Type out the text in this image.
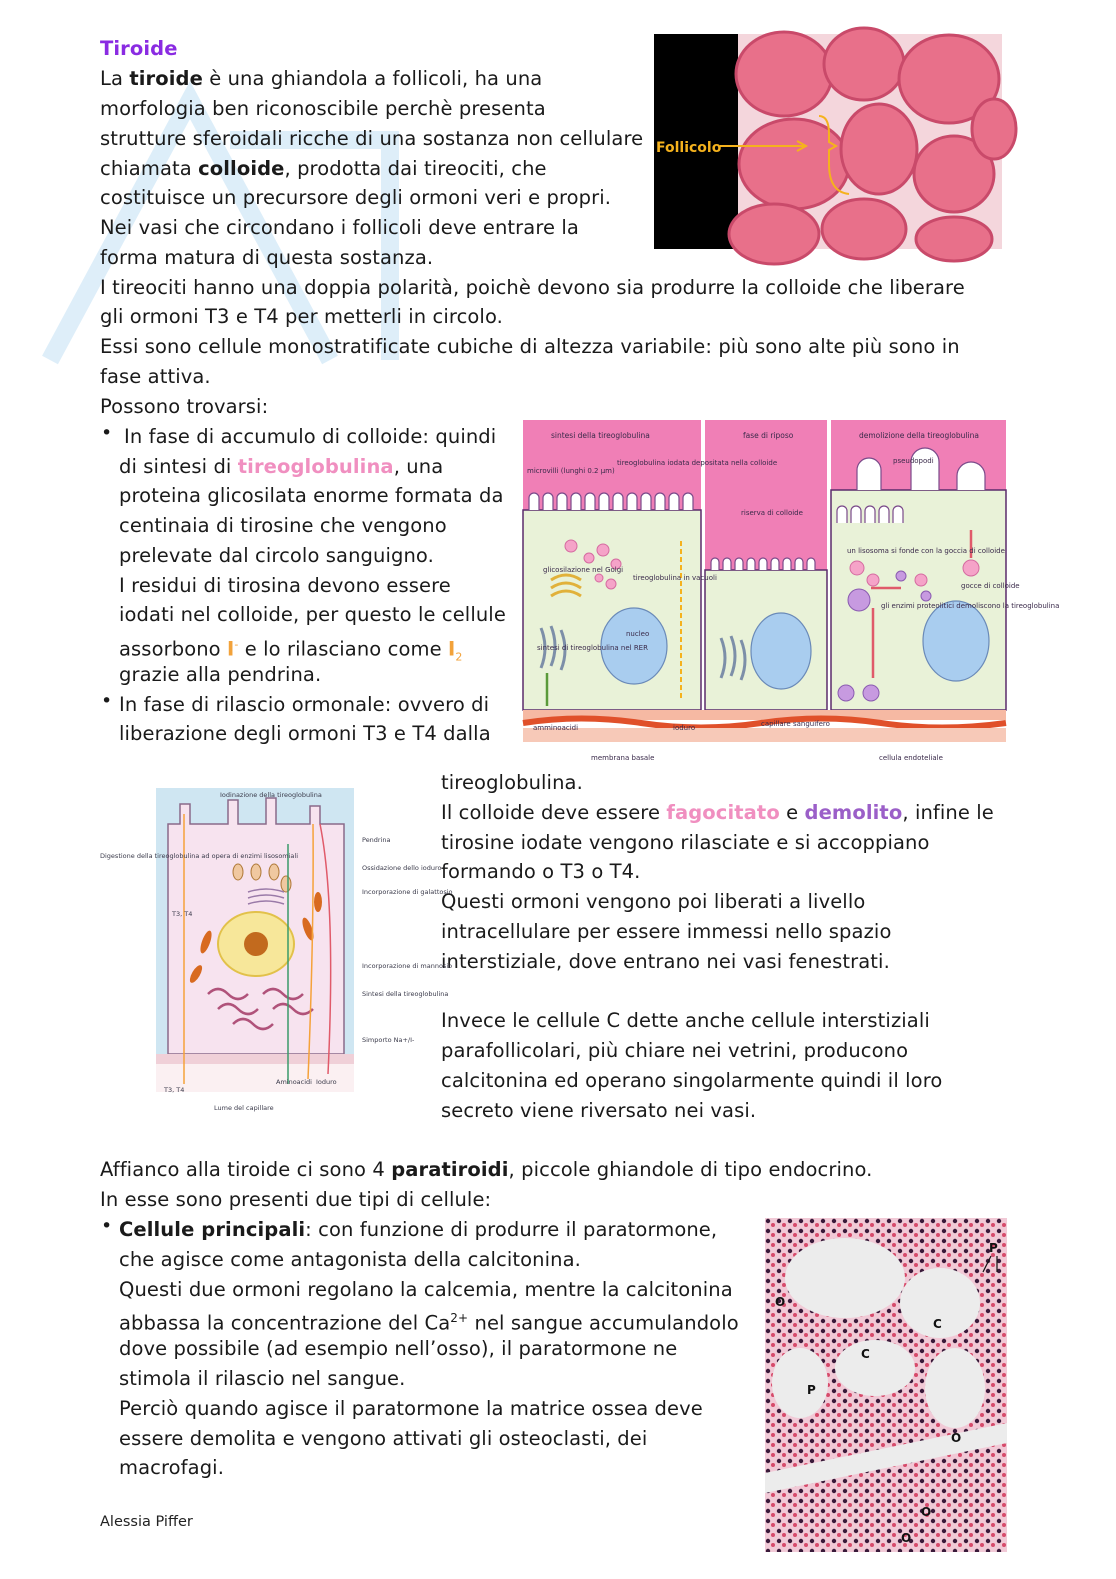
Tiroide
La tiroide è una ghiandola a follicoli, ha una
morfologia ben riconoscibile perchè presenta
strutture sferoidali ricche di una sostanza non cellulare
chiamata colloide, prodotta dai tireociti, che
costituisce un precursore degli ormoni veri e propri.
Nei vasi che circondano i follicoli deve entrare la
forma matura di questa sostanza.
I tireociti hanno una doppia polarità, poichè devono sia produrre la colloide che liberare
gli ormoni T3 e T4 per metterli in circolo.
Essi sono cellule monostratificate cubiche di altezza variabile: più sono alte più sono in
fase attiva.
Possono trovarsi:
• In fase di accumulo di colloide: quindi
di sintesi di tireoglobulina, una
proteina glicosilata enorme formata da
centinaia di tirosine che vengono
prelevate dal circolo sanguigno.
I residui di tirosina devono essere
iodati nel colloide, per questo le cellule
assorbono I- e lo rilasciano come $I_2$
grazie alla pendrina.
• In fase di rilascio ormonale: ovvero di
liberazione degli ormoni T3 e T4 dalla
tireoglobulina.
Il colloide deve essere fagocitato e demolito, infine le
tirosine iodate vengono rilasciate e si accoppiano
formando o T3 o T4.
Questi ormoni vengono poi liberati a livello
intracellulare per essere immessi nello spazio
interstiziale, dove entrano nei vasi fenestrati.
Invece le cellule C dette anche cellule interstiziali
parafollicolari, più chiare nei vetrini, producono
calcitonina ed operano singolarmente quindi il loro
secreto viene riversato nei vasi.
Affianco alla tiroide ci sono 4 paratiroidi, piccole ghiandole di tipo endocrino.
In esse sono presenti due tipi di cellule:
• Cellule principali: con funzione di produrre il paratormone,
che agisce come antagonista della calcitonina.
Questi due ormoni regolano la calcemia, mentre la calcitonina
abbassa la concentrazione del $Ca^{2+}$ nel sangue accumulandolo
dove possibile (ad esempio nell’osso), il paratormone ne
stimola il rilascio nel sangue.
Perciò quando agisce il paratormone la matrice ossea deve
essere demolita e vengono attivati gli osteoclasti, dei
macrofagi.
Alessia Piffer
Follicolo
sintesi della tireoglobulina	fase di riposo	demolizione della tireoglobulina
microvilli (lunghi 0.2 µm)
tireoglobulina iodata depositata nella colloide
riserva di colloide
pseudopodi
glicosilazione nel Golgi
tireoglobulina in vacuoli
nucleo
sintesi di tireoglobulina nel RER
un lisosoma si fonde con la goccia di colloide
gocce di colloide
gli enzimi proteolitici demoliscono la tireoglobulina
amminoacidi	ioduro	capillare sanguifero
membrana basale	cellula endoteliale
Iodinazione della tireoglobulina
Digestione della tireoglobulina ad opera di enzimi lisosomiali
Pendrina
Ossidazione dello ioduro
Incorporazione di galattosio
Incorporazione di mannosio
Sintesi della tireoglobulina
Simporto Na+/I-
T3, T4
T3, T4
Aminoacidi Ioduro
Lume del capillare
P
C
O
O
O
O
P
C
